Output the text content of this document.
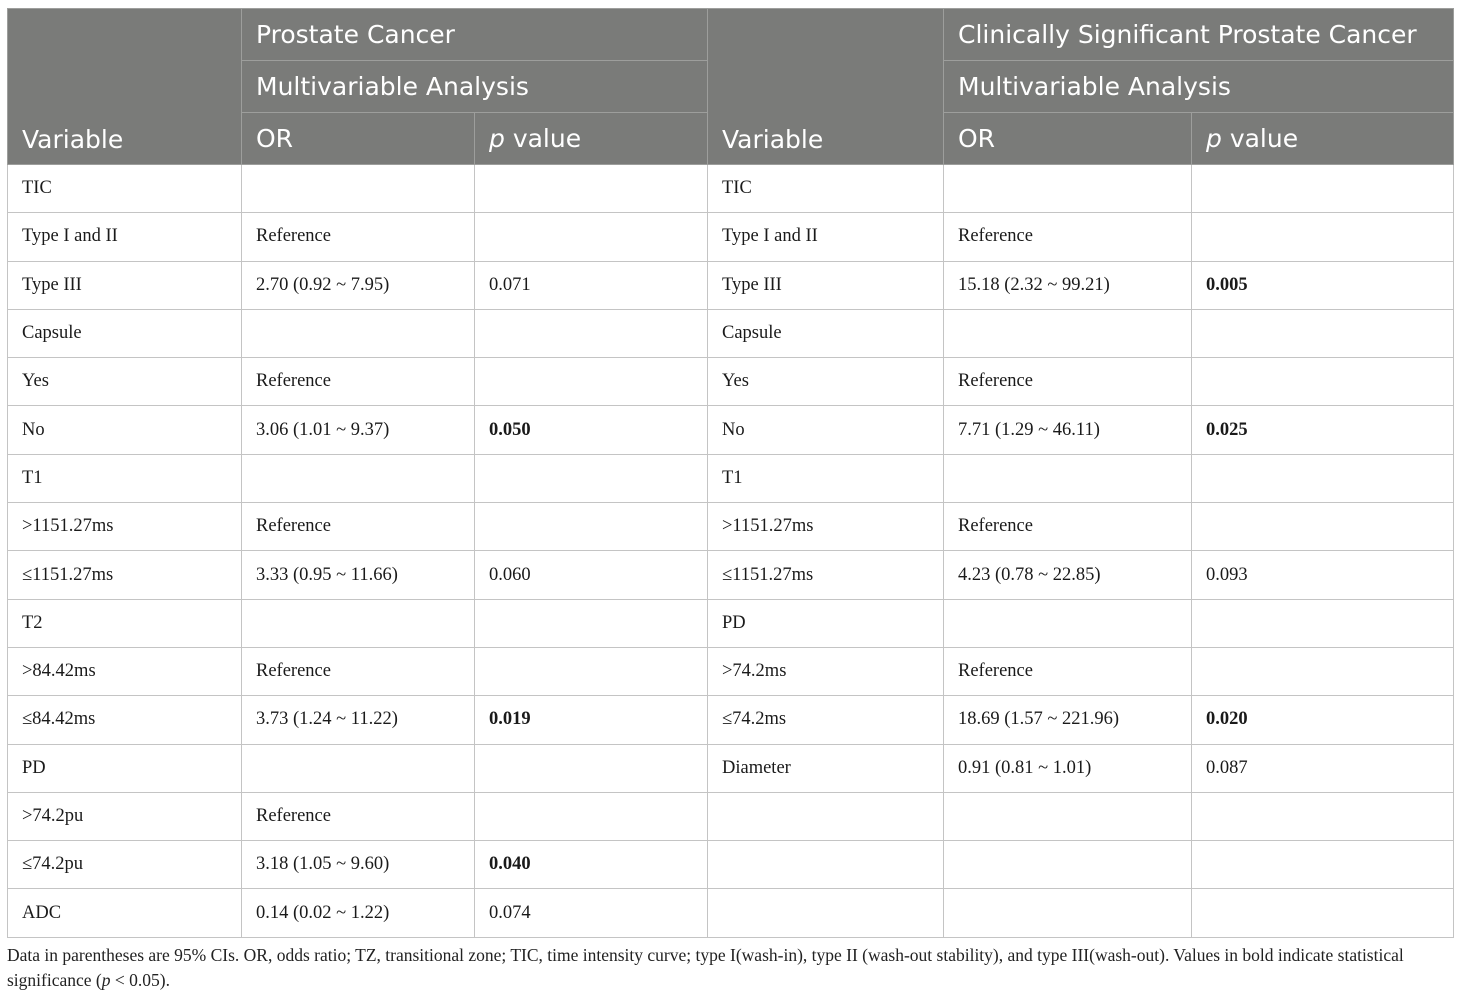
Variable	Prostate Cancer		Variable	Clinically Significant Prostate Cancer	
	Multivariable Analysis			Multivariable Analysis	
	OR	p value		OR	p value
TIC			TIC		
Type I and II	Reference		Type I and II	Reference	
Type III	2.70 (0.92 ~ 7.95)	0.071	Type III	15.18 (2.32 ~ 99.21)	0.005
Capsule			Capsule		
Yes	Reference		Yes	Reference	
No	3.06 (1.01 ~ 9.37)	0.050	No	7.71 (1.29 ~ 46.11)	0.025
T1			T1		
>1151.27ms	Reference		>1151.27ms	Reference	
≤1151.27ms	3.33 (0.95 ~ 11.66)	0.060	≤1151.27ms	4.23 (0.78 ~ 22.85)	0.093
T2			PD		
>84.42ms	Reference		>74.2ms	Reference	
≤84.42ms	3.73 (1.24 ~ 11.22)	0.019	≤74.2ms	18.69 (1.57 ~ 221.96)	0.020
PD			Diameter	0.91 (0.81 ~ 1.01)	0.087
>74.2pu	Reference				
≤74.2pu	3.18 (1.05 ~ 9.60)	0.040			
ADC	0.14 (0.02 ~ 1.22)	0.074			
Data in parentheses are 95% CIs. OR, odds ratio; TZ, transitional zone; TIC, time intensity curve; type I(wash-in), type II (wash-out stability), and type III(wash-out). Values in bold indicate statistical significance (p < 0.05).
